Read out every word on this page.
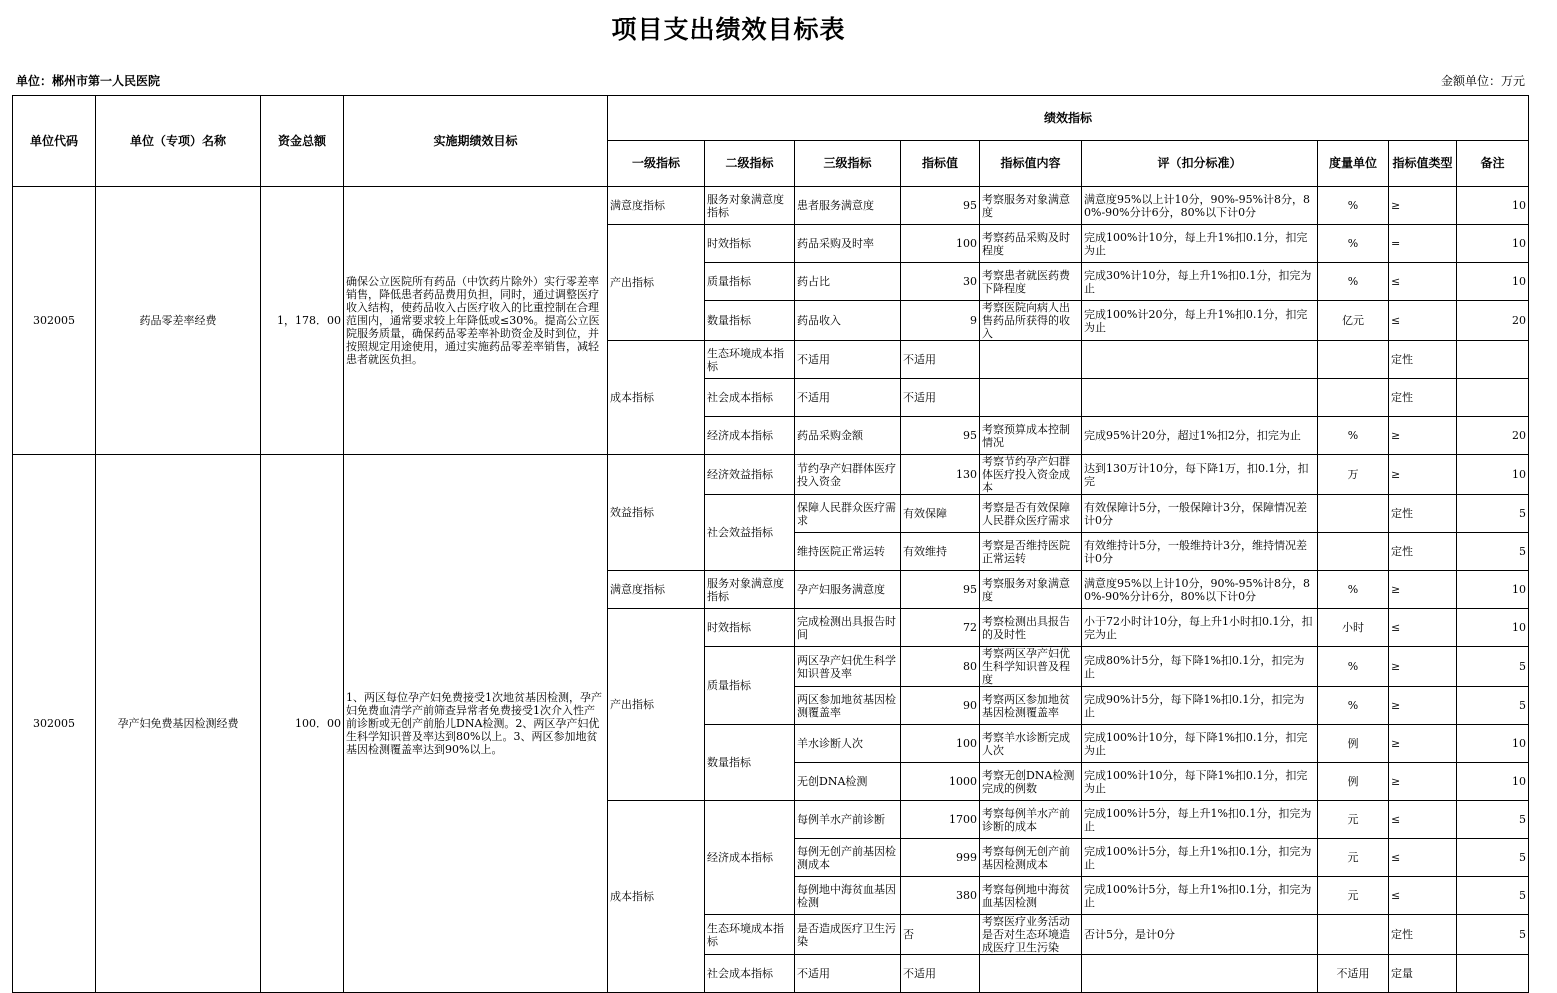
项目支出绩效目标表
单位：郴州市第一人民医院	金额单位：万元
单位代码	单位（专项）名称	资金总额	实施期绩效目标	绩效指标								
				一级指标	二级指标	三级指标	指标值	指标值内容	评（扣分标准）	度量单位	指标值类型	备注
302005	药品零差率经费	1，178．00	确保公立医院所有药品（中饮药片除外）实行零差率销售，降低患者药品费用负担，同时，通过调整医疗收入结构，使药品收入占医疗收入的比重控制在合理范围内，通常要求较上年降低或≤30%。提高公立医院服务质量，确保药品零差率补助资金及时到位，并按照规定用途使用，通过实施药品零差率销售，减轻患者就医负担。	满意度指标	服务对象满意度指标	患者服务满意度	95	考察服务对象满意度	满意度95%以上计10分，90%-95%计8分，80%-90%分计6分，80%以下计0分	%	≥	10
				产出指标	时效指标	药品采购及时率	100	考察药品采购及时程度	完成100%计10分，每上升1%扣0.1分，扣完为止	%	=	10
					质量指标	药占比	30	考察患者就医药费下降程度	完成30%计10分，每上升1%扣0.1分，扣完为止	%	≤	10
					数量指标	药品收入	9	考察医院向病人出售药品所获得的收入	完成100%计20分，每上升1%扣0.1分，扣完为止	亿元	≤	20
				成本指标	生态环境成本指标	不适用	不适用				定性	
					社会成本指标	不适用	不适用				定性	
					经济成本指标	药品采购金额	95	考察预算成本控制情况	完成95%计20分，超过1%扣2分，扣完为止	%	≥	20
302005	孕产妇免费基因检测经费	100．00	1、两区每位孕产妇免费接受1次地贫基因检测，孕产妇免费血清学产前筛查异常者免费接受1次介入性产前诊断或无创产前胎儿DNA检测。2、两区孕产妇优生科学知识普及率达到80%以上。3、两区参加地贫基因检测覆盖率达到90%以上。	效益指标	经济效益指标	节约孕产妇群体医疗投入资金	130	考察节约孕产妇群体医疗投入资金成本	达到130万计10分，每下降1万，扣0.1分，扣完	万	≥	10
					社会效益指标	保障人民群众医疗需求	有效保障	考察是否有效保障人民群众医疗需求	有效保障计5分，一般保障计3分，保障情况差计0分		定性	5
						维持医院正常运转	有效维持	考察是否维持医院正常运转	有效维持计5分，一般维持计3分，维持情况差计0分		定性	5
				满意度指标	服务对象满意度指标	孕产妇服务满意度	95	考察服务对象满意度	满意度95%以上计10分，90%-95%计8分，80%-90%分计6分，80%以下计0分	%	≥	10
				产出指标	时效指标	完成检测出具报告时间	72	考察检测出具报告的及时性	小于72小时计10分，每上升1小时扣0.1分，扣完为止	小时	≤	10
					质量指标	两区孕产妇优生科学知识普及率	80	考察两区孕产妇优生科学知识普及程度	完成80%计5分，每下降1%扣0.1分，扣完为止	%	≥	5
						两区参加地贫基因检测覆盖率	90	考察两区参加地贫基因检测覆盖率	完成90%计5分，每下降1%扣0.1分，扣完为止	%	≥	5
					数量指标	羊水诊断人次	100	考察羊水诊断完成人次	完成100%计10分，每下降1%扣0.1分，扣完为止	例	≥	10
						无创DNA检测	1000	考察无创DNA检测完成的例数	完成100%计10分，每下降1%扣0.1分，扣完为止	例	≥	10
				成本指标	经济成本指标	每例羊水产前诊断	1700	考察每例羊水产前诊断的成本	完成100%计5分，每上升1%扣0.1分，扣完为止	元	≤	5
						每例无创产前基因检测成本	999	考察每例无创产前基因检测成本	完成100%计5分，每上升1%扣0.1分，扣完为止	元	≤	5
						每例地中海贫血基因检测	380	考察每例地中海贫血基因检测	完成100%计5分，每上升1%扣0.1分，扣完为止	元	≤	5
					生态环境成本指标	是否造成医疗卫生污染	否	考察医疗业务活动是否对生态环境造成医疗卫生污染	否计5分，是计0分		定性	5
					社会成本指标	不适用	不适用			不适用	定量	
